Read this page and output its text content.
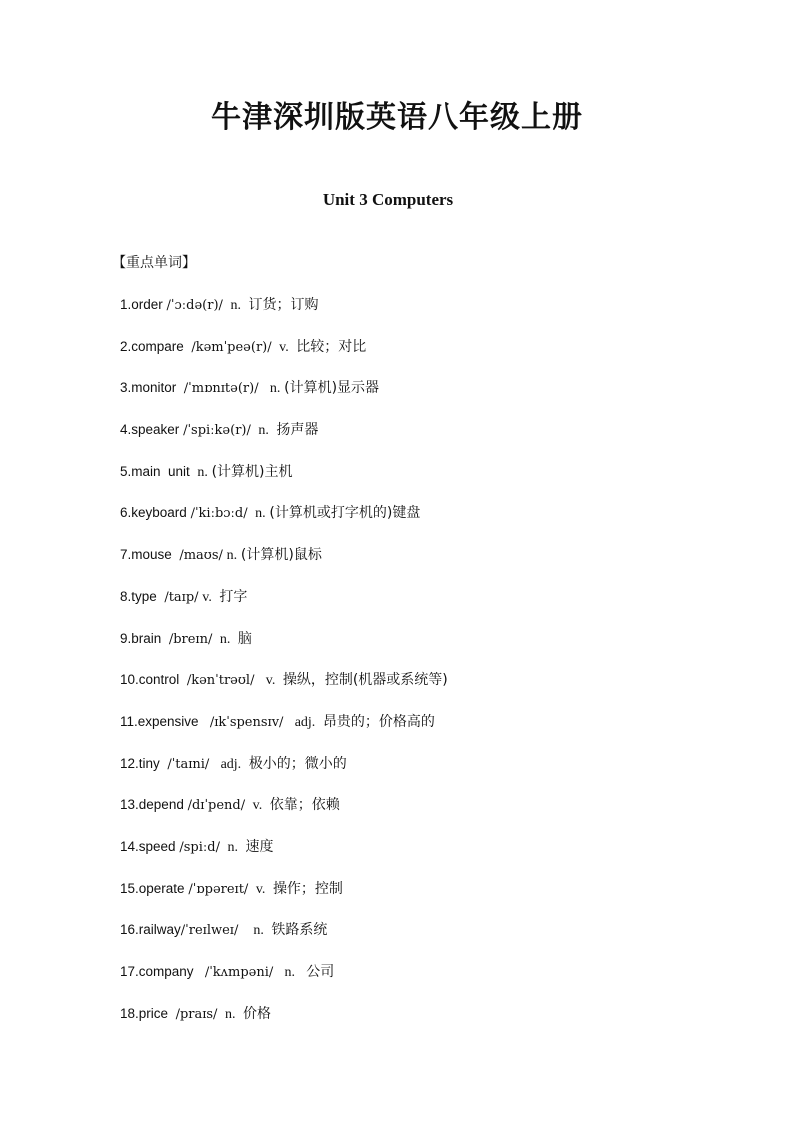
牛津深圳版英语八年级上册
Unit 3 Computers

【重点单词】

1.order /ˈɔːdə(r)/ n. 订货；订购
2.compare /kəmˈpeə(r)/ v. 比较；对比
3.monitor /ˈmɒnɪtə(r)/ n. (计算机)显示器
4.speaker /ˈspiːkə(r)/ n. 扬声器
5.main  unit n. (计算机)主机
6.keyboard /ˈkiːbɔːd/ n. (计算机或打字机的)键盘
7.mouse /maʊs/ n. (计算机)鼠标
8.type /taɪp/ v. 打字
9.brain /breɪn/ n. 脑
10.control /kənˈtrəʊl/ v. 操纵，控制(机器或系统等)
11.expensive /ɪkˈspensɪv/ adj. 昂贵的；价格高的
12.tiny /ˈtaɪni/ adj. 极小的；微小的
13.depend /dɪˈpend/ v. 依靠；依赖
14.speed /spiːd/ n. 速度
15.operate /ˈɒpəreɪt/ v. 操作；控制
16.railway/ˈreɪlweɪ/ n. 铁路系统
17.company /ˈkʌmpəni/ n. 公司
18.price /praɪs/ n. 价格
